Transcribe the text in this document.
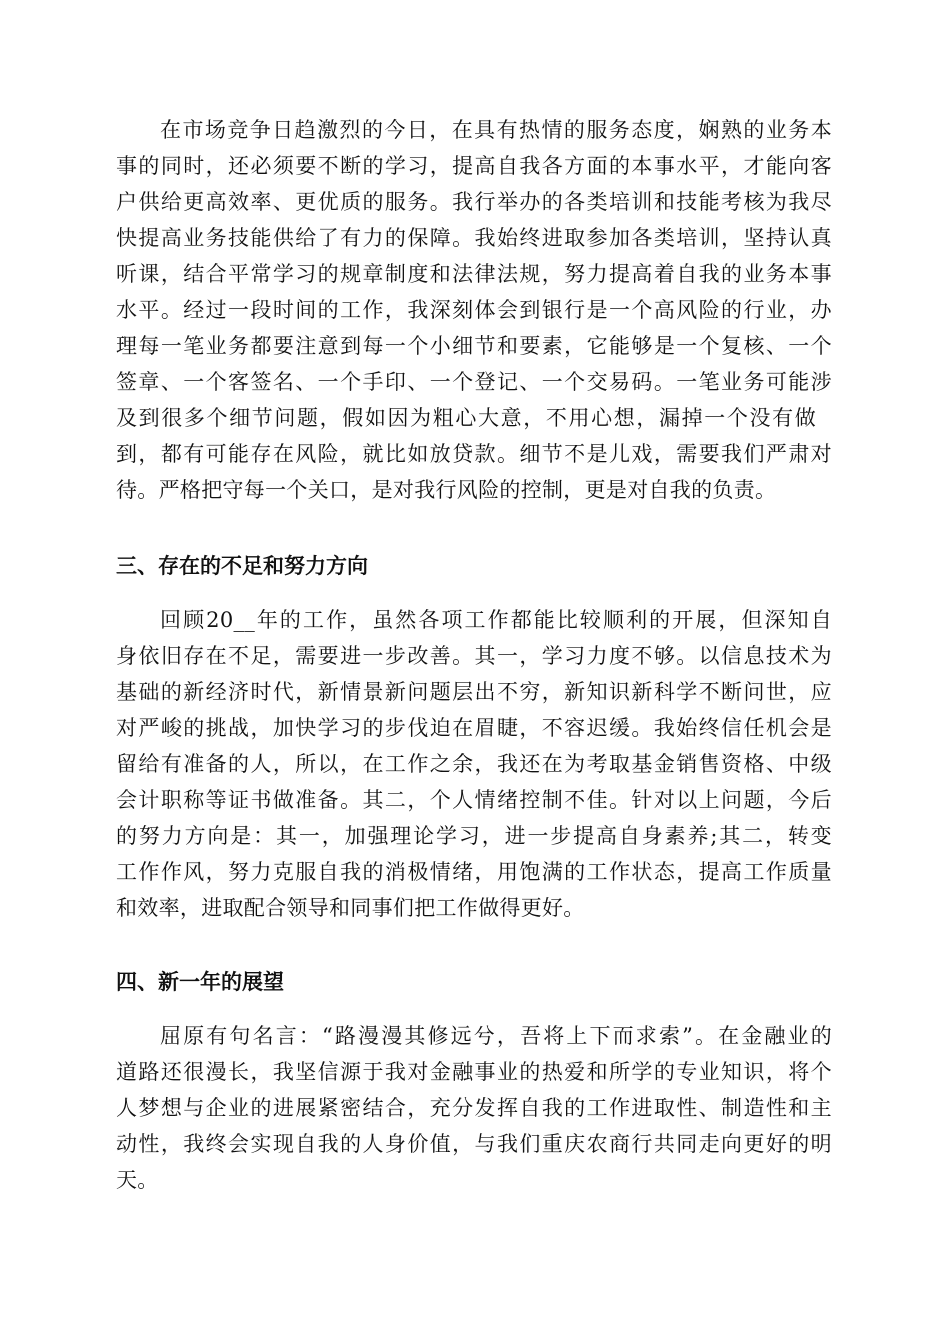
在市场竞争日趋激烈的今日，在具有热情的服务态度，娴熟的业务本
事的同时，还必须要不断的学习，提高自我各方面的本事水平，才能向客
户供给更高效率、更优质的服务。我行举办的各类培训和技能考核为我尽
快提高业务技能供给了有力的保障。我始终进取参加各类培训，坚持认真
听课，结合平常学习的规章制度和法律法规，努力提高着自我的业务本事
水平。经过一段时间的工作，我深刻体会到银行是一个高风险的行业，办
理每一笔业务都要注意到每一个小细节和要素，它能够是一个复核、一个
签章、一个客签名、一个手印、一个登记、一个交易码。一笔业务可能涉
及到很多个细节问题，假如因为粗心大意，不用心想，漏掉一个没有做
到，都有可能存在风险，就比如放贷款。细节不是儿戏，需要我们严肃对
待。严格把守每一个关口，是对我行风险的控制，更是对自我的负责。
三、存在的不足和努力方向
回顾20__年的工作，虽然各项工作都能比较顺利的开展，但深知自
身依旧存在不足，需要进一步改善。其一，学习力度不够。以信息技术为
基础的新经济时代，新情景新问题层出不穷，新知识新科学不断问世，应
对严峻的挑战，加快学习的步伐迫在眉睫，不容迟缓。我始终信任机会是
留给有准备的人，所以，在工作之余，我还在为考取基金销售资格、中级
会计职称等证书做准备。其二，个人情绪控制不佳。针对以上问题，今后
的努力方向是：其一，加强理论学习，进一步提高自身素养;其二，转变
工作作风，努力克服自我的消极情绪，用饱满的工作状态，提高工作质量
和效率，进取配合领导和同事们把工作做得更好。
四、新一年的展望
屈原有句名言：“路漫漫其修远兮，吾将上下而求索”。在金融业的
道路还很漫长，我坚信源于我对金融事业的热爱和所学的专业知识，将个
人梦想与企业的进展紧密结合，充分发挥自我的工作进取性、制造性和主
动性，我终会实现自我的人身价值，与我们重庆农商行共同走向更好的明
天。
